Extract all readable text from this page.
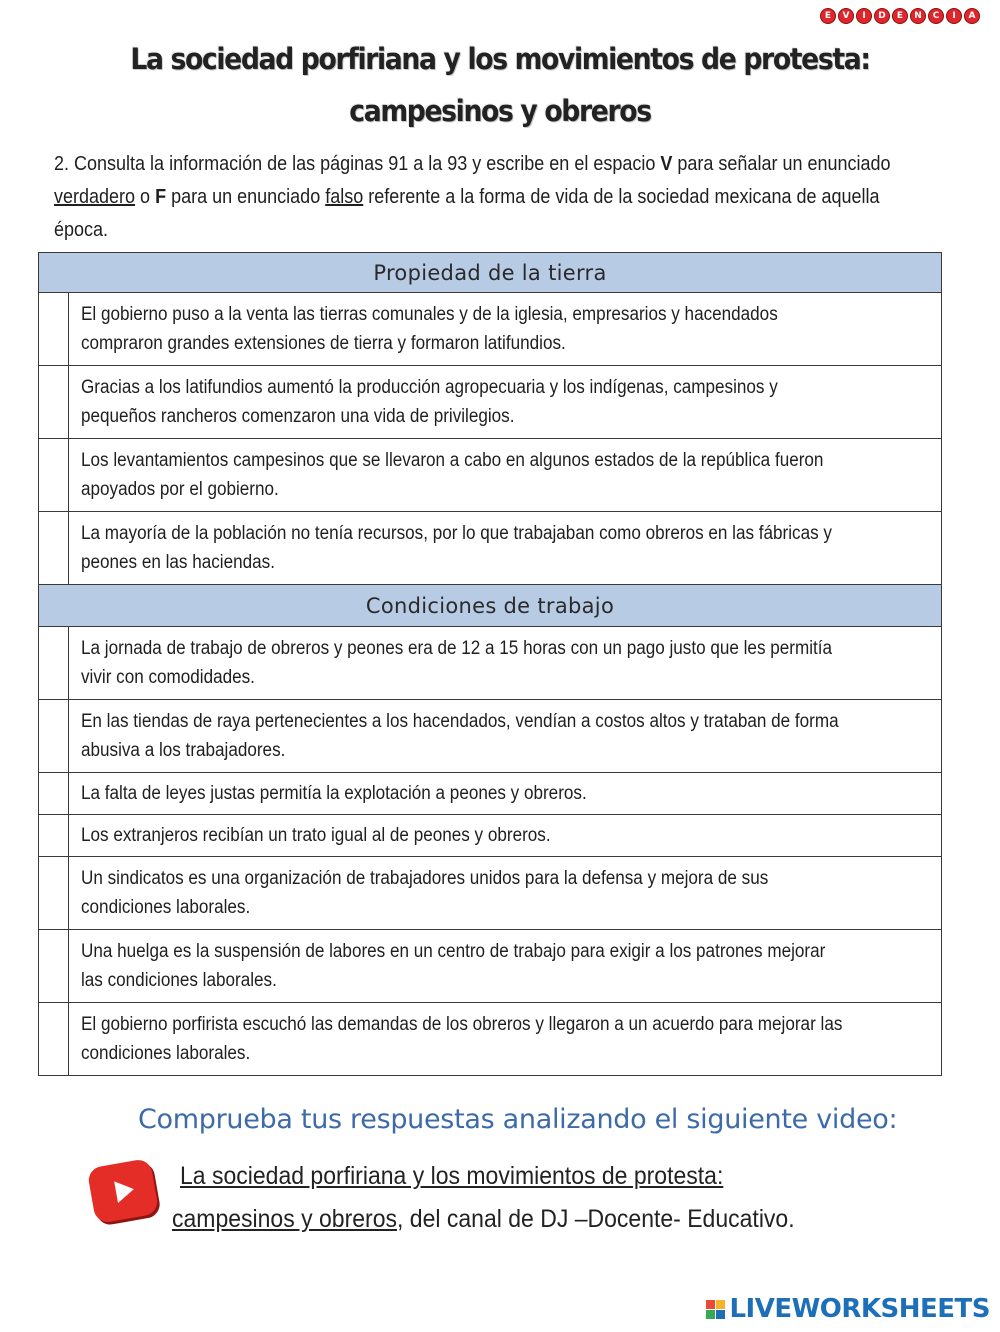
E	V	I	D	E	N	C	I	A
La sociedad porfiriana y los movimientos de protesta:
campesinos y obreros
2. Consulta la información de las páginas 91 a la 93 y escribe en el espacio V para señalar un enunciado verdadero o F para un enunciado falso referente a la forma de vida de la sociedad mexicana de aquella época.
Propiedad de la tierra	
	El gobierno puso a la venta las tierras comunales y de la iglesia, empresarios y hacendados compraron grandes extensiones de tierra y formaron latifundios.
	Gracias a los latifundios aumentó la producción agropecuaria y los indígenas, campesinos y pequeños rancheros comenzaron una vida de privilegios.
	Los levantamientos campesinos que se llevaron a cabo en algunos estados de la república fueron apoyados por el gobierno.
	La mayoría de la población no tenía recursos, por lo que trabajaban como obreros en las fábricas y peones en las haciendas.
Condiciones de trabajo	
	La jornada de trabajo de obreros y peones era de 12 a 15 horas con un pago justo que les permitía vivir con comodidades.
	En las tiendas de raya pertenecientes a los hacendados, vendían a costos altos y trataban de forma abusiva a los trabajadores.
	La falta de leyes justas permitía la explotación a peones y obreros.
	Los extranjeros recibían un trato igual al de peones y obreros.
	Un sindicatos es una organización de trabajadores unidos para la defensa y mejora de sus condiciones laborales.
	Una huelga es la suspensión de labores en un centro de trabajo para exigir a los patrones mejorar las condiciones laborales.
	El gobierno porfirista escuchó las demandas de los obreros y llegaron a un acuerdo para mejorar las condiciones laborales.
Comprueba tus respuestas analizando el siguiente video:
La sociedad porfiriana y los movimientos de protesta:
campesinos y obreros, del canal de DJ –Docente- Educativo.
LIVEWORKSHEETS
